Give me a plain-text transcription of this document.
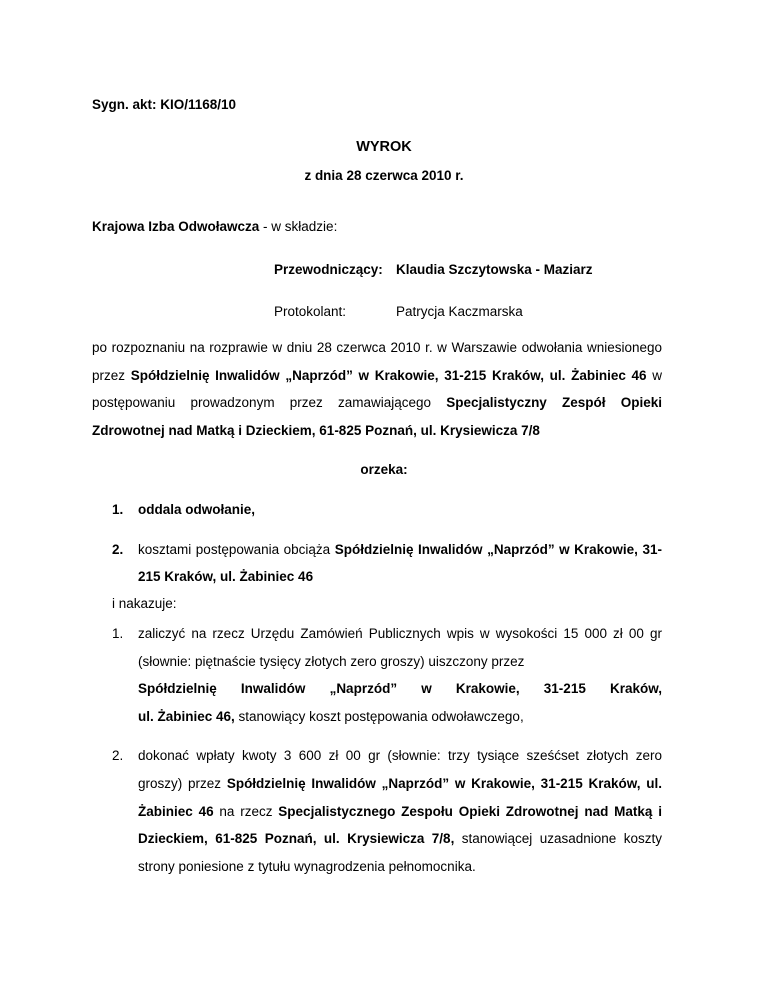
Sygn. akt: KIO/1168/10
WYROK
z dnia 28 czerwca 2010 r.
Krajowa Izba Odwoławcza - w składzie:
Przewodniczący: Klaudia Szczytowska - Maziarz
Protokolant:	Patrycja Kaczmarska

po rozpoznaniu na rozprawie w dniu 28 czerwca 2010 r. w Warszawie odwołania wniesionego przez Spółdzielnię Inwalidów „Naprzód” w Krakowie, 31-215 Kraków, ul. Żabiniec 46 w postępowaniu prowadzonym przez zamawiającego Specjalistyczny Zespół Opieki Zdrowotnej nad Matką i Dzieckiem, 61-825 Poznań, ul. Krysiewicza 7/8

orzeka:
1. oddala odwołanie,
2. kosztami postępowania obciąża Spółdzielnię Inwalidów „Naprzód” w Krakowie, 31-215 Kraków, ul. Żabiniec 46
i nakazuje:
1. zaliczyć na rzecz Urzędu Zamówień Publicznych wpis w wysokości 15 000 zł 00 gr (słownie: piętnaście tysięcy złotych zero groszy) uiszczony przez
Spółdzielnię Inwalidów „Naprzód” w Krakowie, 31-215 Kraków,
ul. Żabiniec 46, stanowiący koszt postępowania odwoławczego,
2. dokonać wpłaty kwoty 3 600 zł 00 gr (słownie: trzy tysiące sześćset złotych zero groszy) przez Spółdzielnię Inwalidów „Naprzód” w Krakowie, 31-215 Kraków, ul. Żabiniec 46 na rzecz Specjalistycznego Zespołu Opieki Zdrowotnej nad Matką i Dzieckiem, 61-825 Poznań, ul. Krysiewicza 7/8, stanowiącej uzasadnione koszty strony poniesione z tytułu wynagrodzenia pełnomocnika.
